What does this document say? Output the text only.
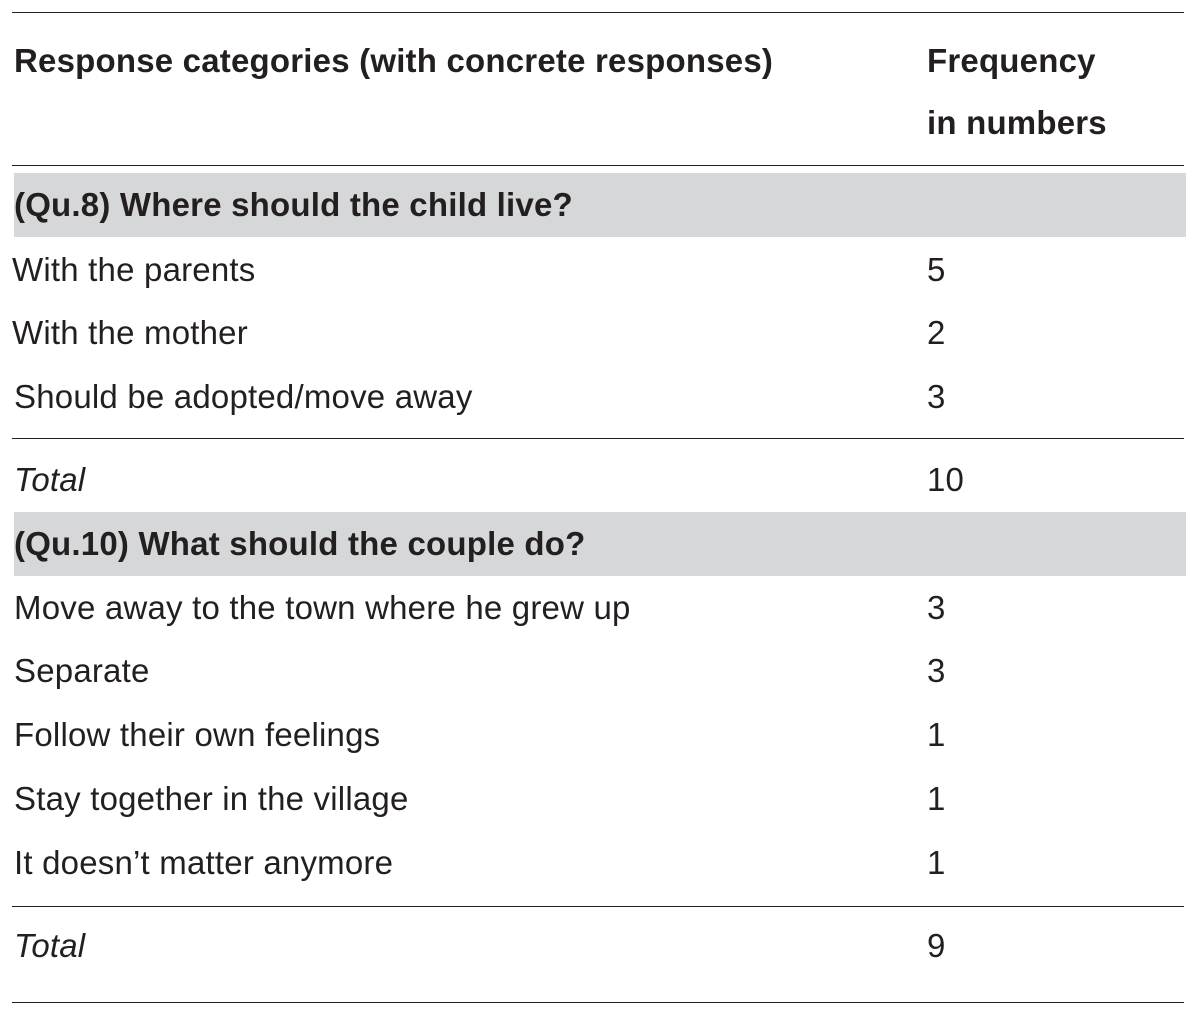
Response categories (with concrete responses)	Frequency
in numbers
(Qu.8) Where should the child live?
With the parents	5
With the mother	2
Should be adopted/move away	3
Total	10
(Qu.10) What should the couple do?
Move away to the town where he grew up	3
Separate	3
Follow their own feelings	1
Stay together in the village	1
It doesn’t matter anymore	1
Total	9
